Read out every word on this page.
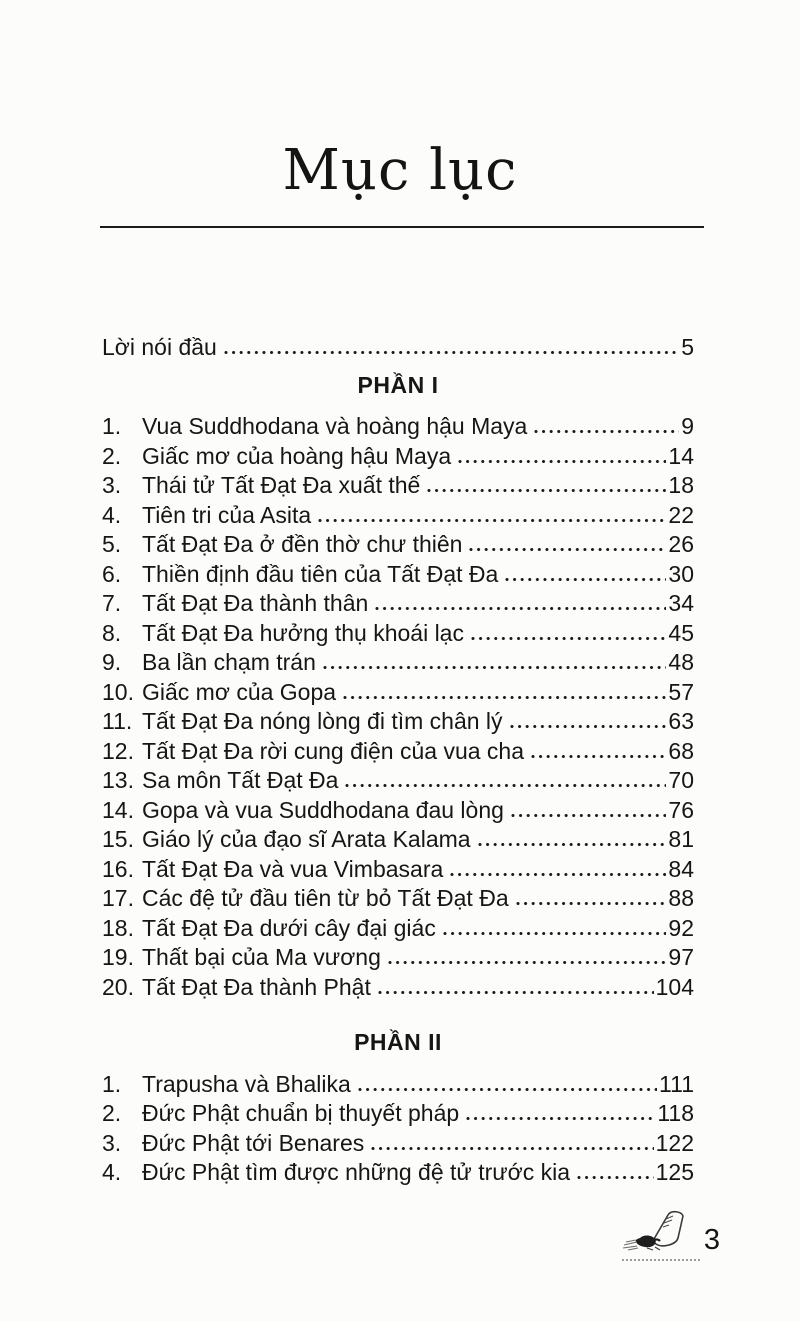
Mục lục
Lời nói đầu	5
PHẦN I
1. Vua Suddhodana và hoàng hậu Maya	9
2. Giấc mơ của hoàng hậu Maya	14
3. Thái tử Tất Đạt Đa xuất thế	18
4. Tiên tri của Asita	22
5. Tất Đạt Đa ở đền thờ chư thiên	26
6. Thiền định đầu tiên của Tất Đạt Đa	30
7. Tất Đạt Đa thành thân	34
8. Tất Đạt Đa hưởng thụ khoái lạc	45
9. Ba lần chạm trán	48
10. Giấc mơ của Gopa	57
11. Tất Đạt Đa nóng lòng đi tìm chân lý	63
12. Tất Đạt Đa rời cung điện của vua cha	68
13. Sa môn Tất Đạt Đa	70
14. Gopa và vua Suddhodana đau lòng	76
15. Giáo lý của đạo sĩ Arata Kalama	81
16. Tất Đạt Đa và vua Vimbasara	84
17. Các đệ tử đầu tiên từ bỏ Tất Đạt Đa	88
18. Tất Đạt Đa dưới cây đại giác	92
19. Thất bại của Ma vương	97
20. Tất Đạt Đa thành Phật	104
PHẦN II
1. Trapusha và Bhalika	111
2. Đức Phật chuẩn bị thuyết pháp	118
3. Đức Phật tới Benares	122
4. Đức Phật tìm được những đệ tử trước kia	125
3
